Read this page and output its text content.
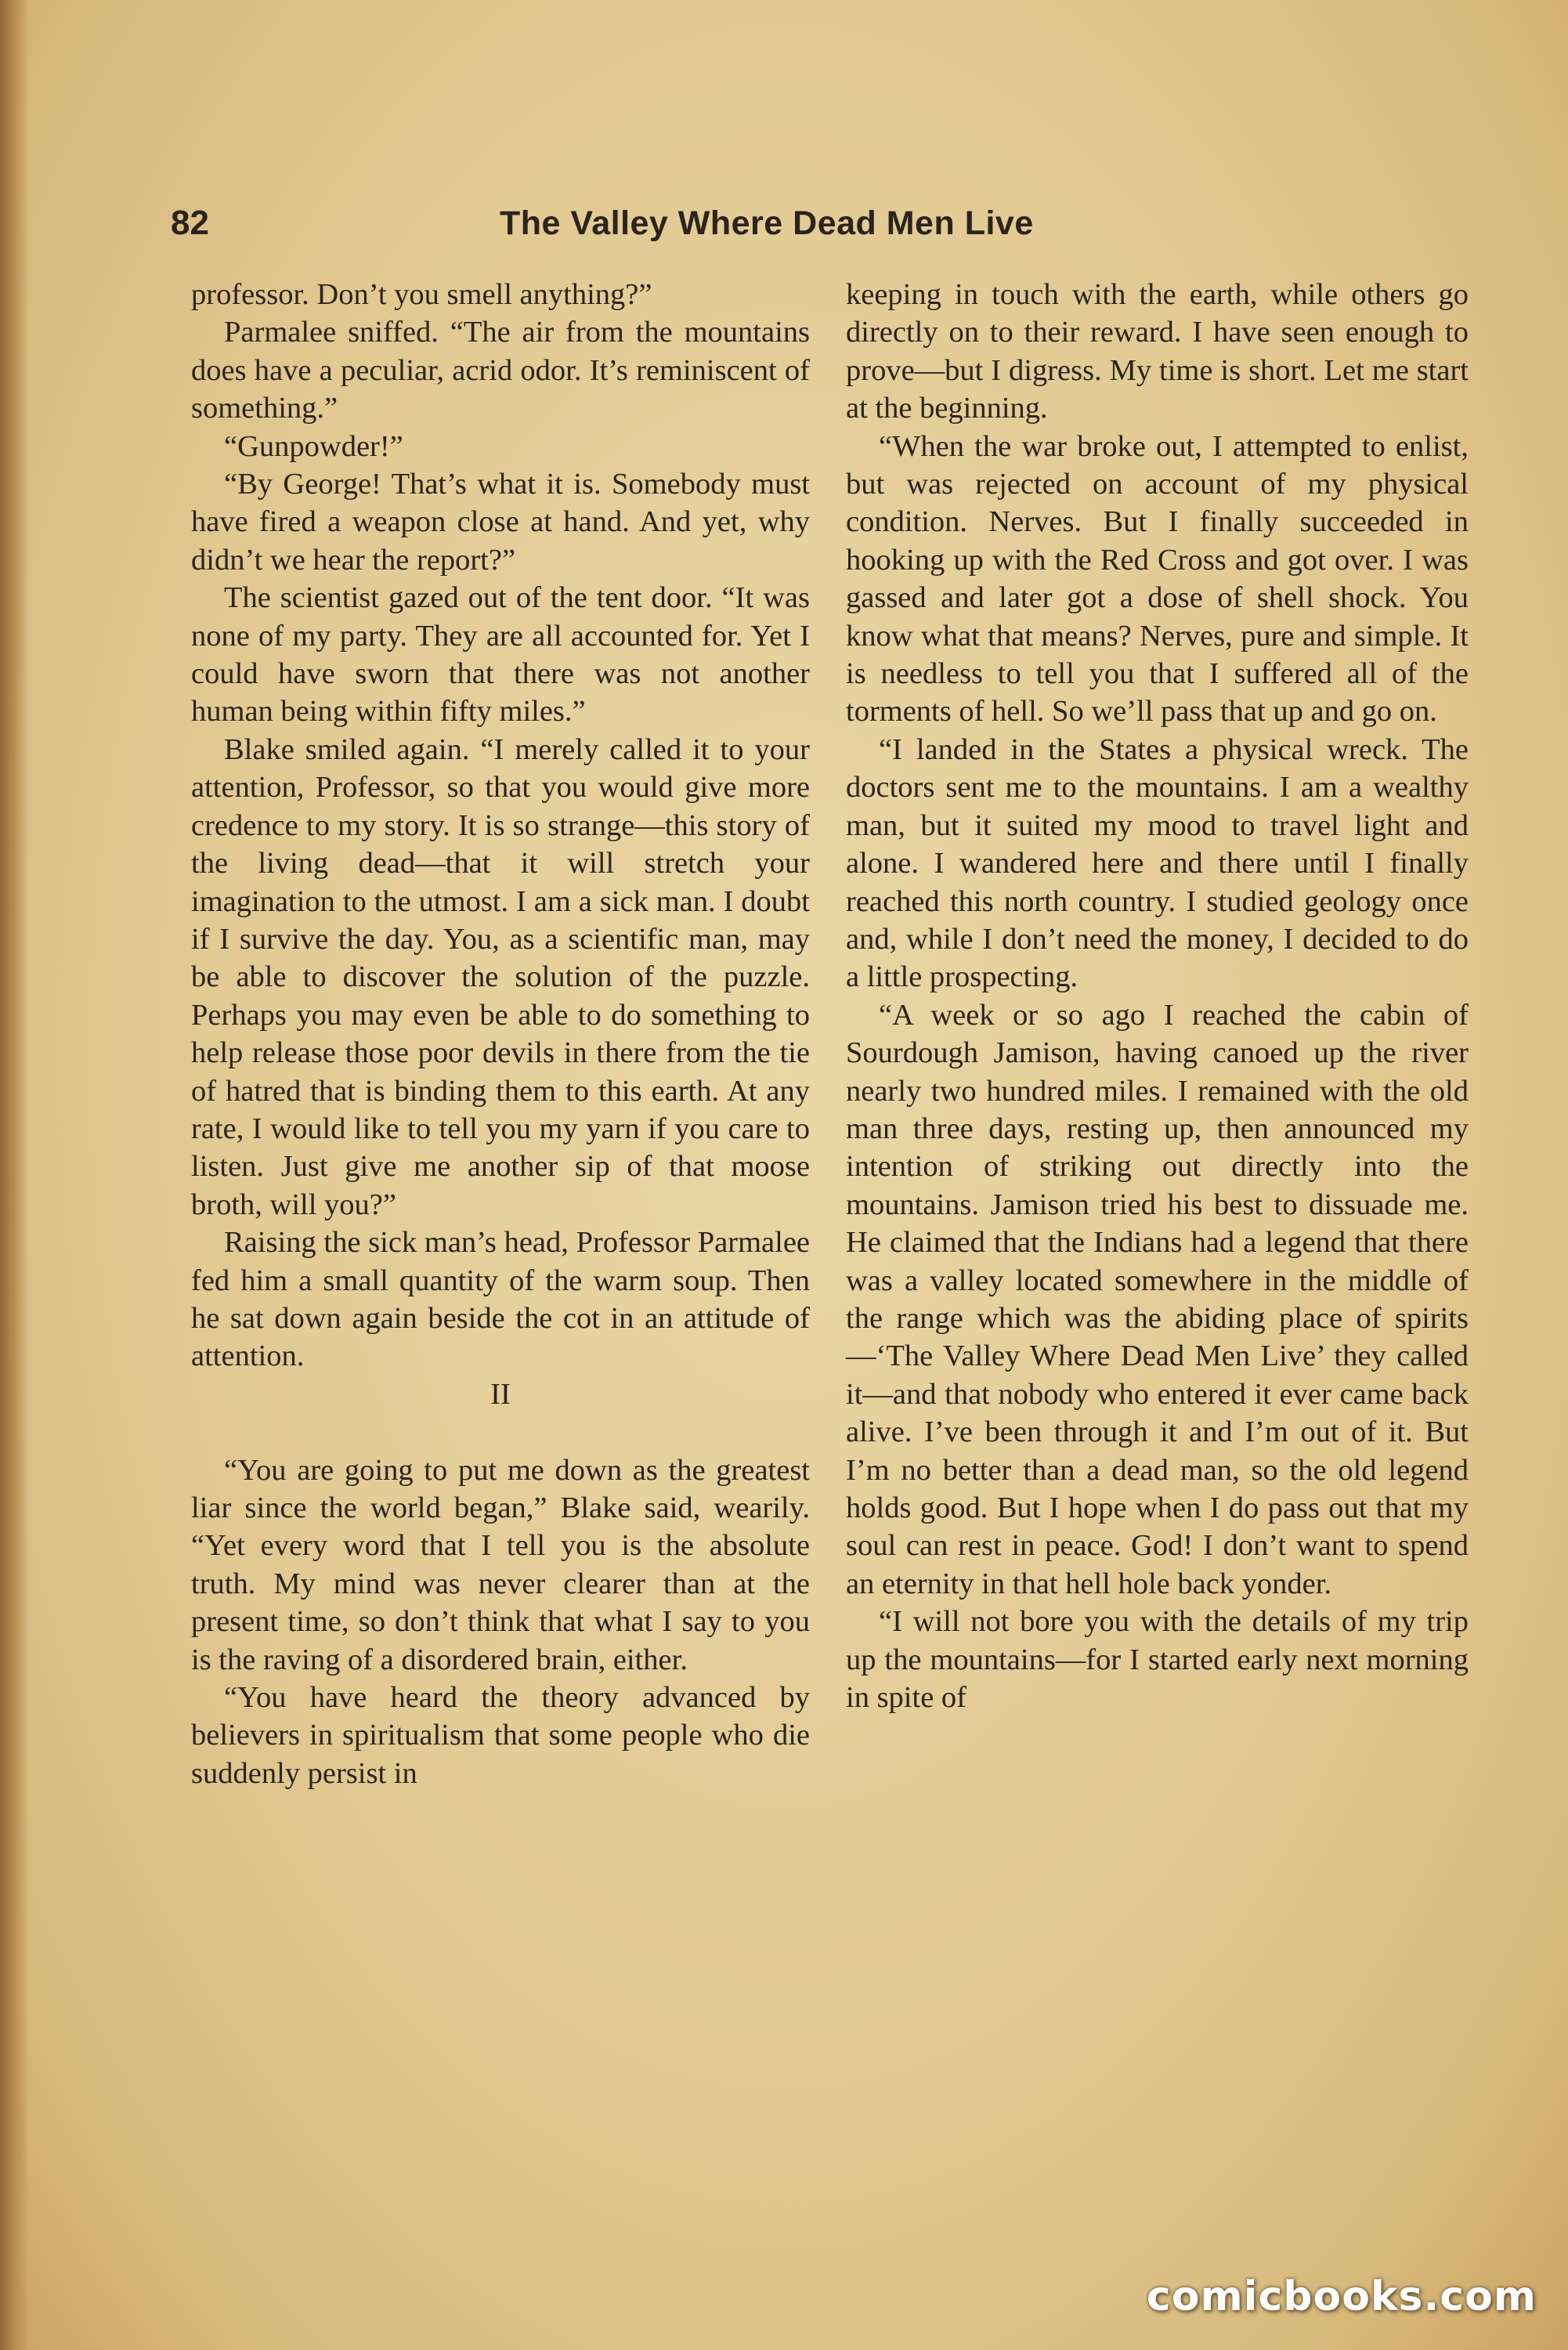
82	The Valley Where Dead Men Live

professor. Don’t you smell anything?”

Parmalee sniffed. “The air from the mountains does have a peculiar, acrid odor. It’s reminiscent of something.”

“Gunpowder!”

“By George! That’s what it is. Somebody must have fired a weapon close at hand. And yet, why didn’t we hear the report?”

The scientist gazed out of the tent door. “It was none of my party. They are all accounted for. Yet I could have sworn that there was not another human being within fifty miles.”

Blake smiled again. “I merely called it to your attention, Professor, so that you would give more credence to my story. It is so strange—this story of the living dead—that it will stretch your imagination to the utmost. I am a sick man. I doubt if I survive the day. You, as a scientific man, may be able to discover the solution of the puzzle. Perhaps you may even be able to do something to help release those poor devils in there from the tie of hatred that is binding them to this earth. At any rate, I would like to tell you my yarn if you care to listen. Just give me another sip of that moose broth, will you?”

Raising the sick man’s head, Professor Parmalee fed him a small quantity of the warm soup. Then he sat down again beside the cot in an attitude of attention.

II

“You are going to put me down as the greatest liar since the world began,” Blake said, wearily. “Yet every word that I tell you is the absolute truth. My mind was never clearer than at the present time, so don’t think that what I say to you is the raving of a disordered brain, either.

“You have heard the theory advanced by believers in spiritualism that some people who die suddenly persist in

keeping in touch with the earth, while others go directly on to their reward. I have seen enough to prove—but I digress. My time is short. Let me start at the beginning.

“When the war broke out, I attempted to enlist, but was rejected on account of my physical condition. Nerves. But I finally succeeded in hooking up with the Red Cross and got over. I was gassed and later got a dose of shell shock. You know what that means? Nerves, pure and simple. It is needless to tell you that I suffered all of the torments of hell. So we’ll pass that up and go on.

“I landed in the States a physical wreck. The doctors sent me to the mountains. I am a wealthy man, but it suited my mood to travel light and alone. I wandered here and there until I finally reached this north country. I studied geology once and, while I don’t need the money, I decided to do a little prospecting.

“A week or so ago I reached the cabin of Sourdough Jamison, having canoed up the river nearly two hundred miles. I remained with the old man three days, resting up, then announced my intention of striking out directly into the mountains. Jamison tried his best to dissuade me. He claimed that the Indians had a legend that there was a valley located somewhere in the middle of the range which was the abiding place of spirits—‘The Valley Where Dead Men Live’ they called it—and that nobody who entered it ever came back alive. I’ve been through it and I’m out of it. But I’m no better than a dead man, so the old legend holds good. But I hope when I do pass out that my soul can rest in peace. God! I don’t want to spend an eternity in that hell hole back yonder.

“I will not bore you with the details of my trip up the mountains—for I started early next morning in spite of

comicbooks.com
